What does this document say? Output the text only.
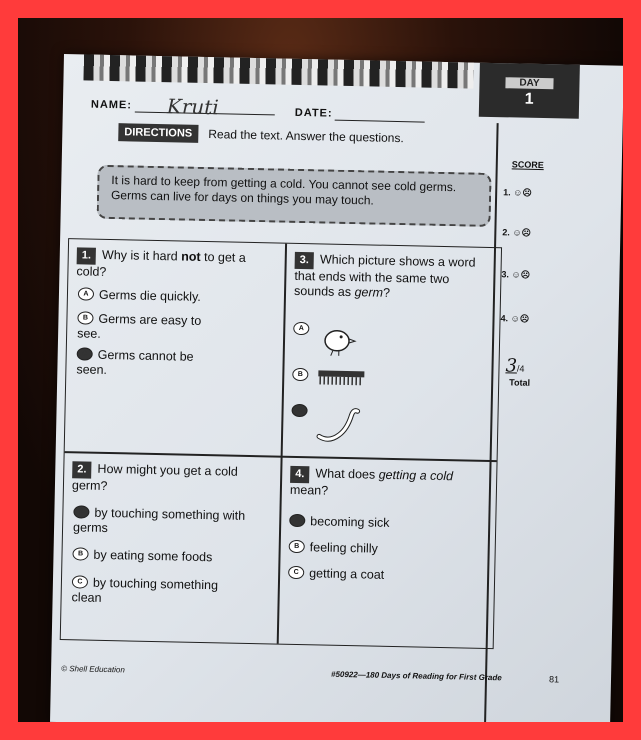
DAY
1
NAME: Kruti	DATE:
DIRECTIONS	Read the text. Answer the questions.
SCORE
1. ☺☹
2. ☺☹
3. ☺☹
4. ☺☹
3/4
Total
It is hard to keep from getting a cold. You cannot see cold germs. Germs can live for days on things you may touch.
1. Why is it hard not to get a cold?
A Germs die quickly.
B Germs are easy to see.
C Germs cannot be seen.
3. Which picture shows a word that ends with the same two sounds as germ?
A
B
C
2. How might you get a cold germ?
A by touching something with germs
B by eating some foods
C by touching something clean
4. What does getting a cold mean?
A becoming sick
B feeling chilly
C getting a coat
© Shell Education
#50922—180 Days of Reading for First Grade	81
